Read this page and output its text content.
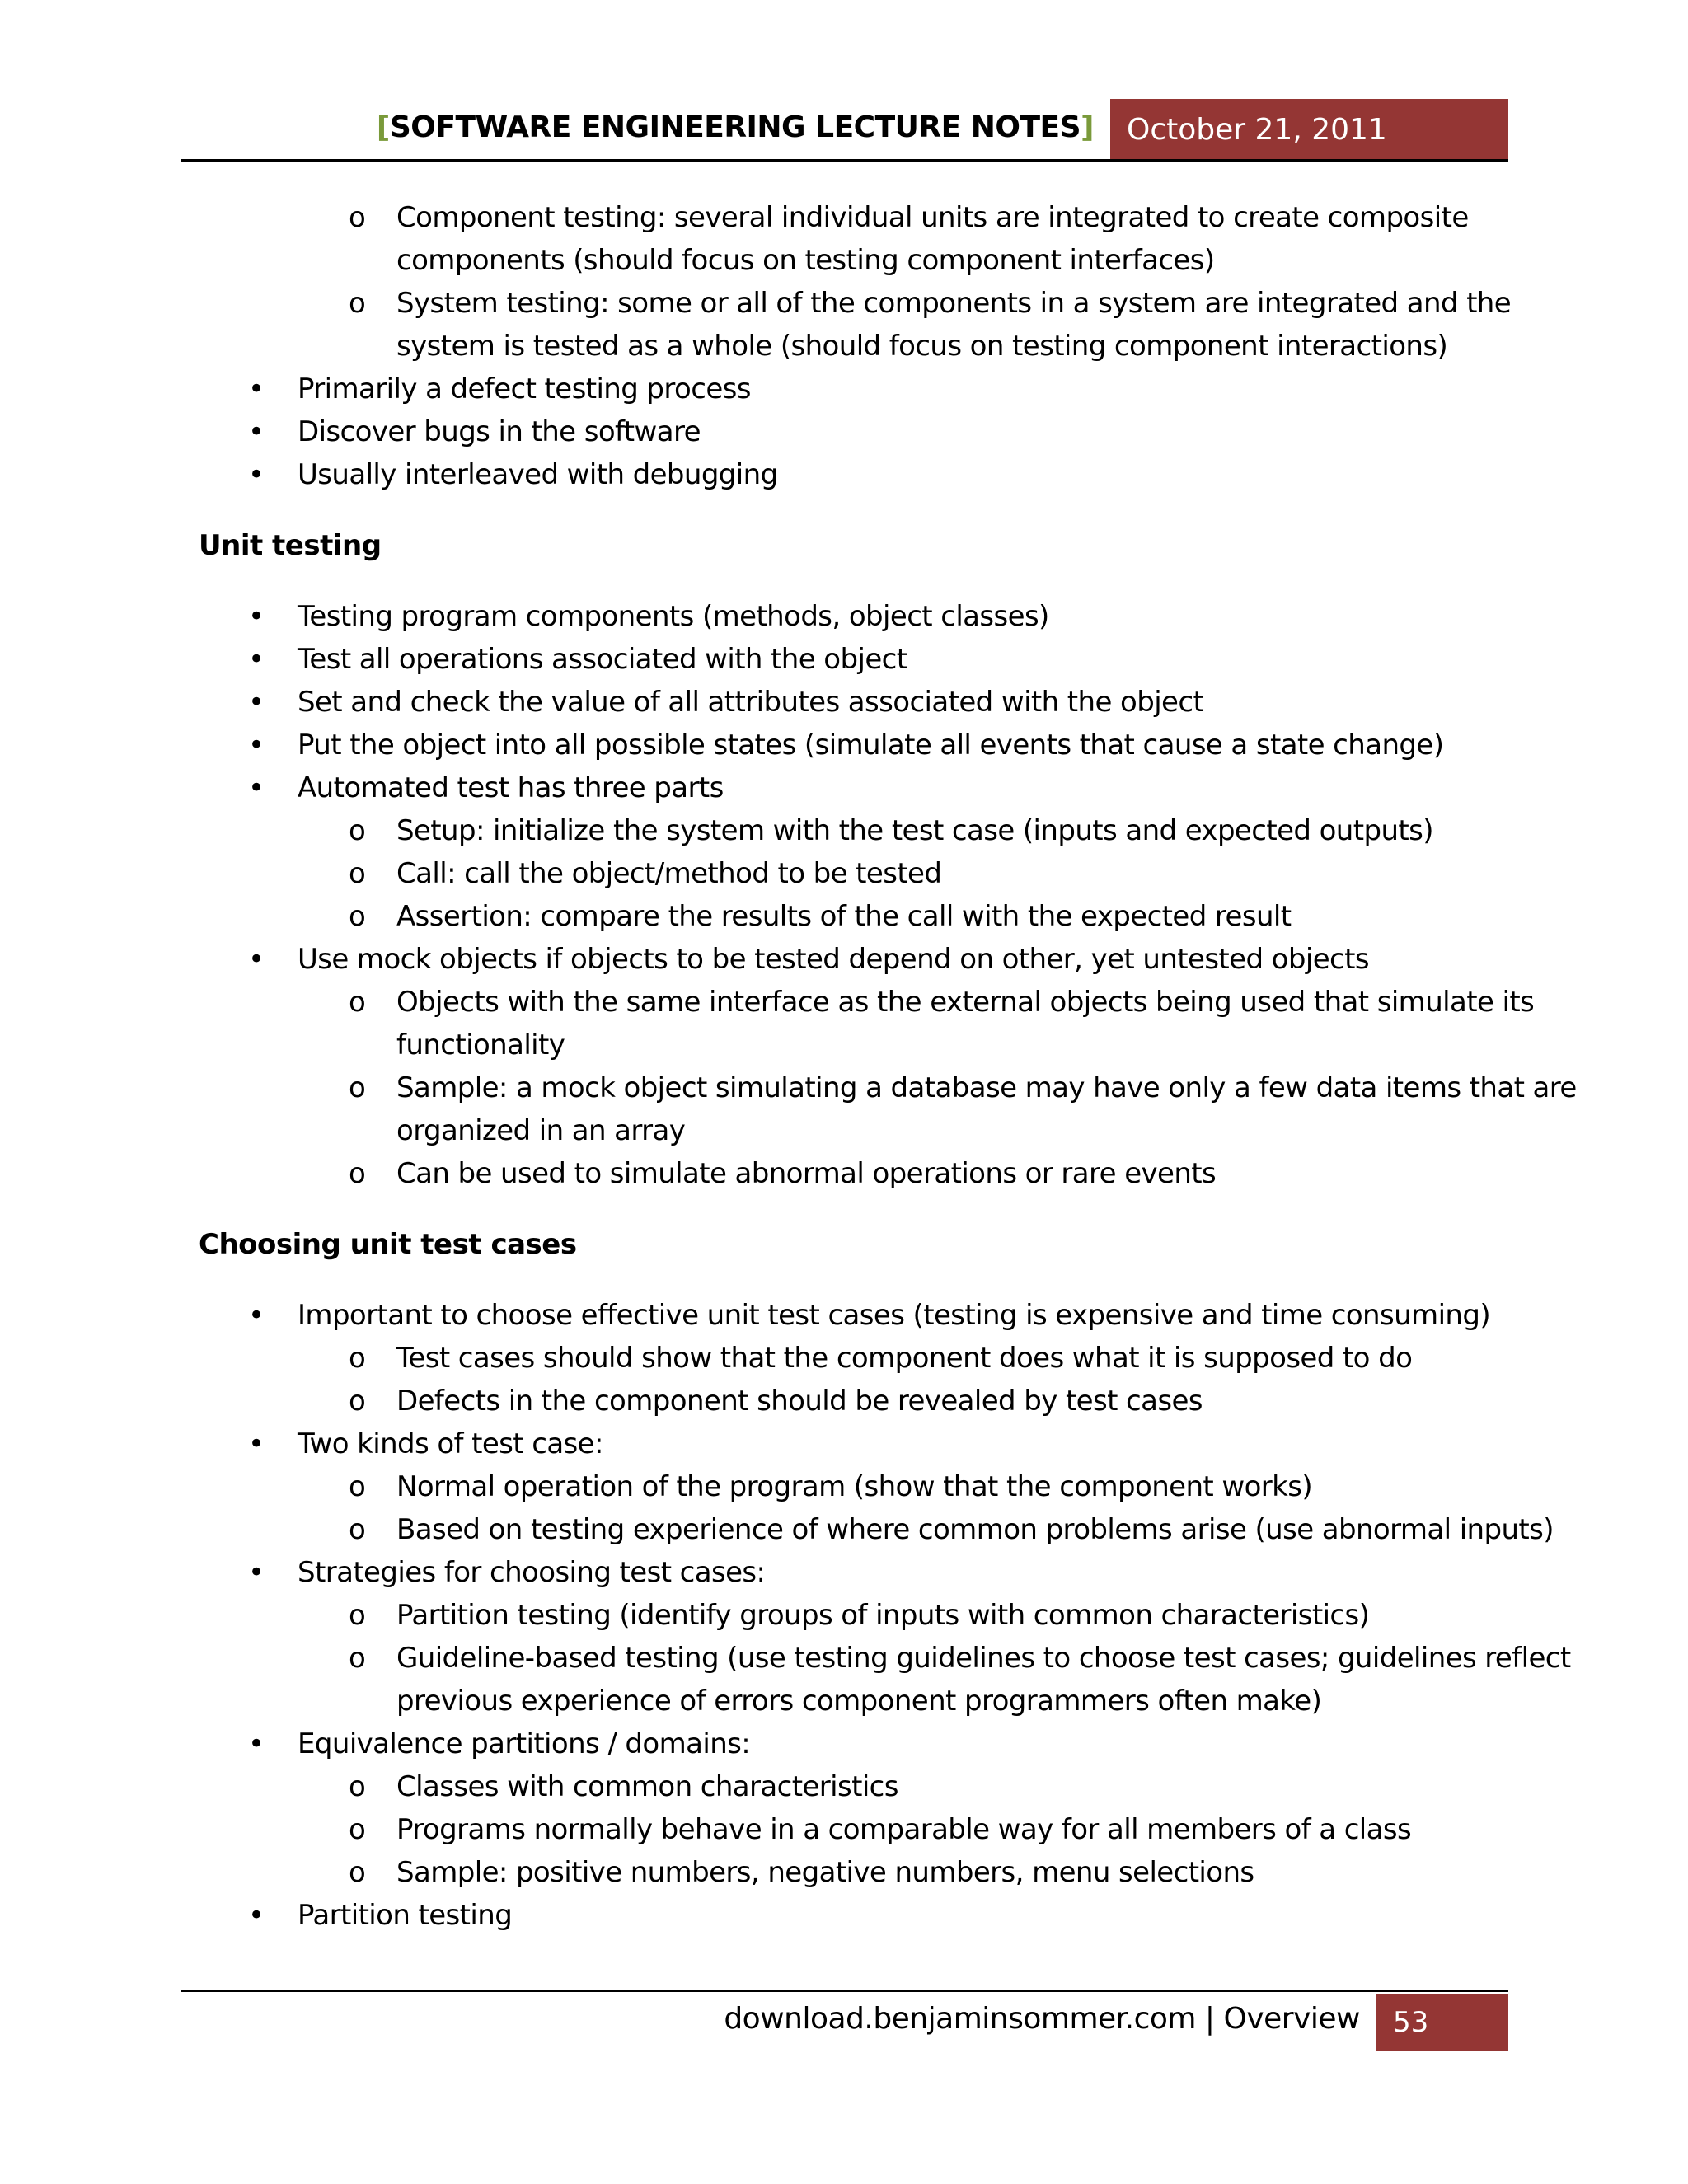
[SOFTWARE ENGINEERING LECTURE NOTES]	October 21, 2011
o Component testing: several individual units are integrated to create composite
components (should focus on testing component interfaces)
o System testing: some or all of the components in a system are integrated and the
system is tested as a whole (should focus on testing component interactions)
• Primarily a defect testing process
• Discover bugs in the software
• Usually interleaved with debugging
Unit testing
• Testing program components (methods, object classes)
• Test all operations associated with the object
• Set and check the value of all attributes associated with the object
• Put the object into all possible states (simulate all events that cause a state change)
• Automated test has three parts
o Setup: initialize the system with the test case (inputs and expected outputs)
o Call: call the object/method to be tested
o Assertion: compare the results of the call with the expected result
• Use mock objects if objects to be tested depend on other, yet untested objects
o Objects with the same interface as the external objects being used that simulate its
functionality
o Sample: a mock object simulating a database may have only a few data items that are
organized in an array
o Can be used to simulate abnormal operations or rare events
Choosing unit test cases
• Important to choose effective unit test cases (testing is expensive and time consuming)
o Test cases should show that the component does what it is supposed to do
o Defects in the component should be revealed by test cases
• Two kinds of test case:
o Normal operation of the program (show that the component works)
o Based on testing experience of where common problems arise (use abnormal inputs)
• Strategies for choosing test cases:
o Partition testing (identify groups of inputs with common characteristics)
o Guideline-based testing (use testing guidelines to choose test cases; guidelines reflect
previous experience of errors component programmers often make)
• Equivalence partitions / domains:
o Classes with common characteristics
o Programs normally behave in a comparable way for all members of a class
o Sample: positive numbers, negative numbers, menu selections
• Partition testing
download.benjaminsommer.com | Overview	53
